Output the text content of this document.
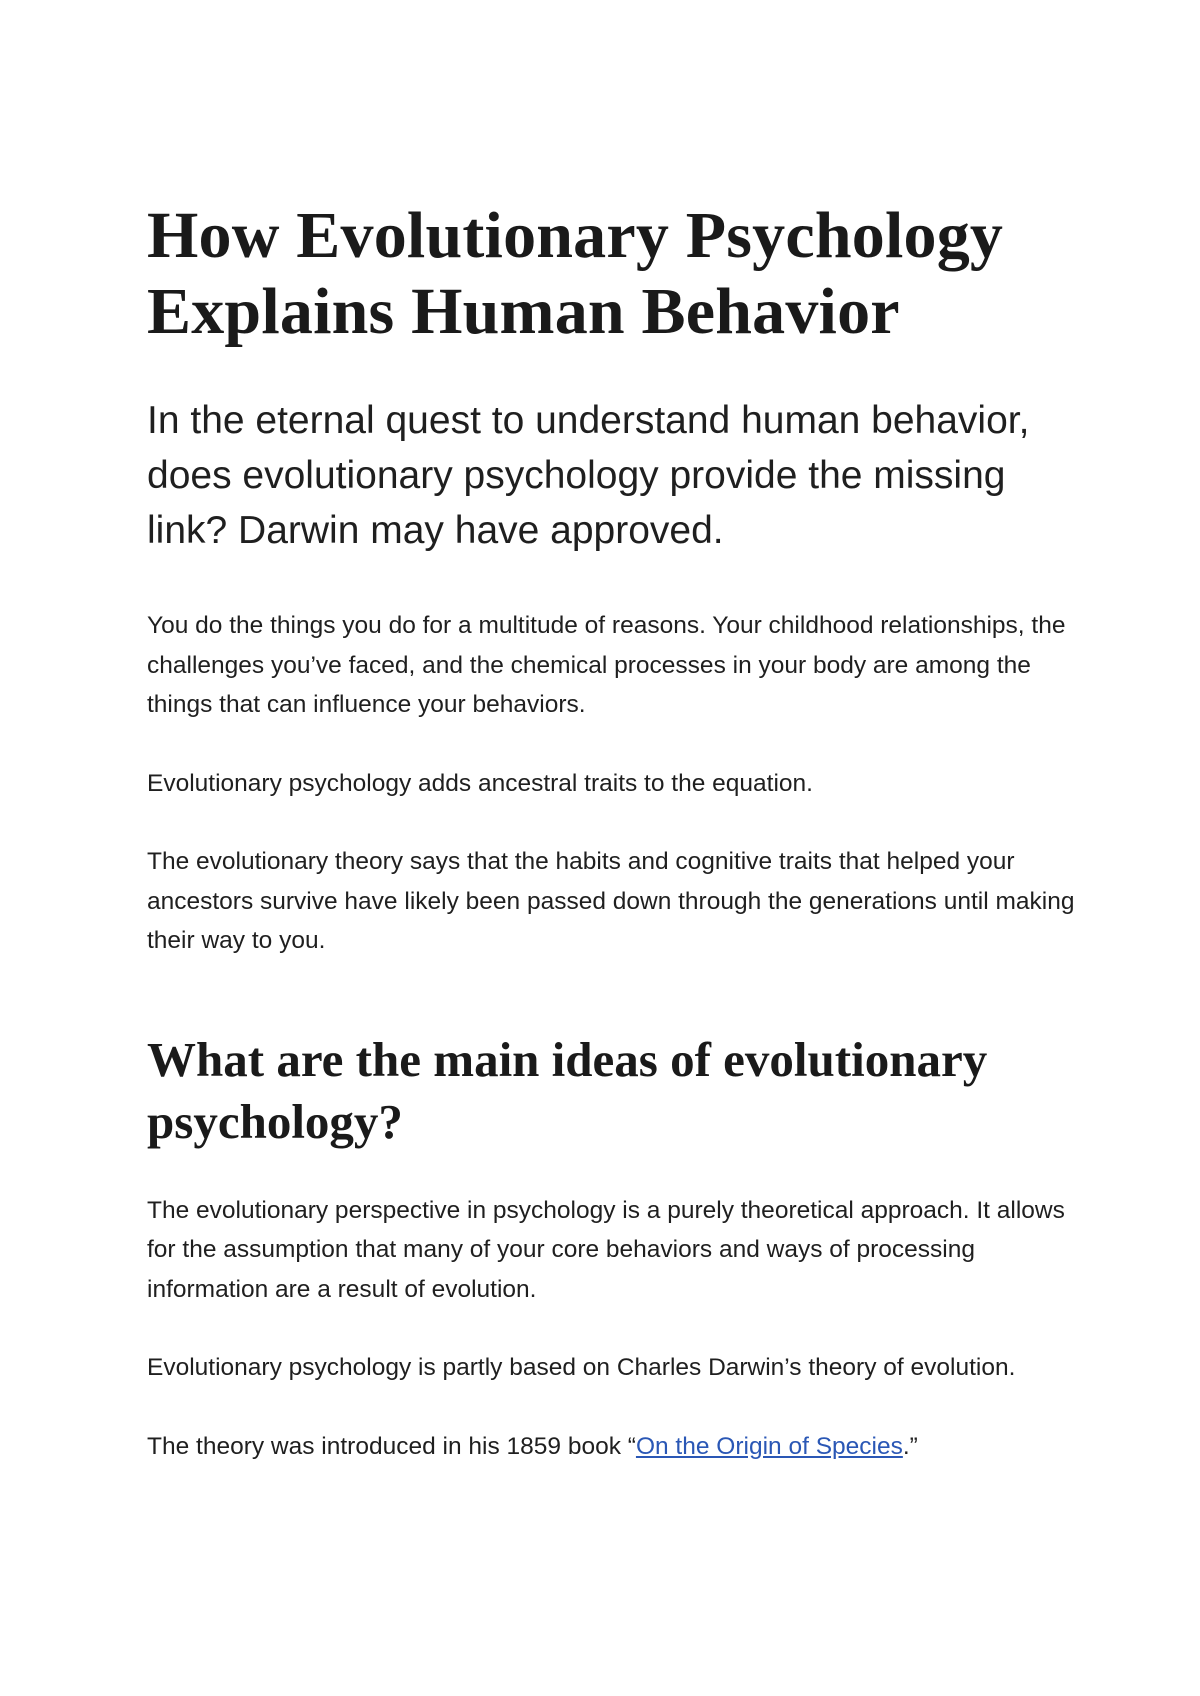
How Evolutionary Psychology Explains Human Behavior

In the eternal quest to understand human behavior, does evolutionary psychology provide the missing link? Darwin may have approved.

You do the things you do for a multitude of reasons. Your childhood relationships, the challenges you’ve faced, and the chemical processes in your body are among the things that can influence your behaviors.

Evolutionary psychology adds ancestral traits to the equation.

The evolutionary theory says that the habits and cognitive traits that helped your ancestors survive have likely been passed down through the generations until making their way to you.

What are the main ideas of evolutionary psychology?

The evolutionary perspective in psychology is a purely theoretical approach. It allows for the assumption that many of your core behaviors and ways of processing information are a result of evolution.

Evolutionary psychology is partly based on Charles Darwin’s theory of evolution.

The theory was introduced in his 1859 book “On the Origin of Species.”
